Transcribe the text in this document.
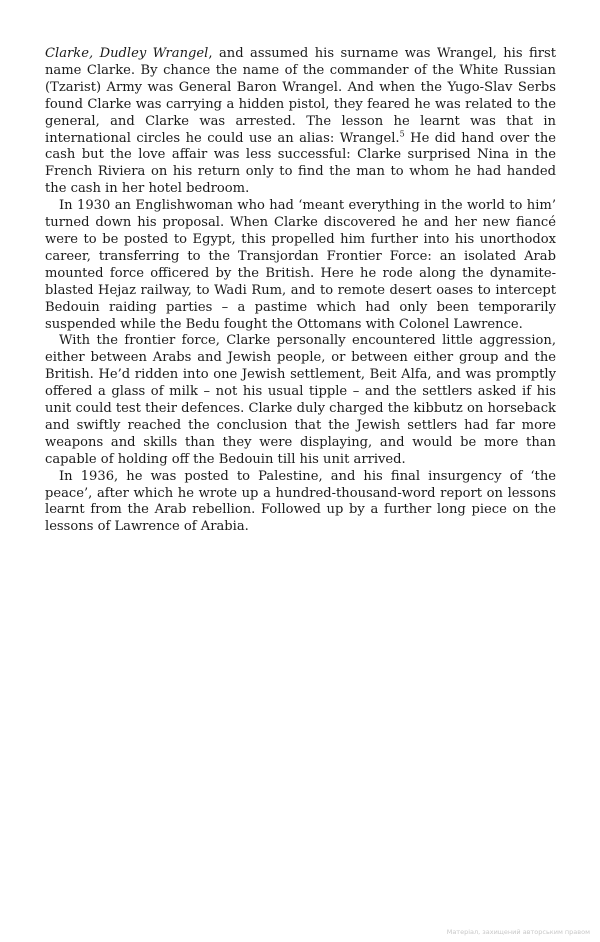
Clarke, Dudley Wrangel, and assumed his surname was Wrangel, his first name Clarke. By chance the name of the commander of the White Russian (Tzarist) Army was General Baron Wrangel. And when the Yugo-Slav Serbs found Clarke was carrying a hidden pistol, they feared he was related to the general, and Clarke was arrested. The lesson he learnt was that in international circles he could use an alias: Wrangel.$^5$ He did hand over the cash but the love affair was less successful: Clarke surprised Nina in the French Riviera on his return only to find the man to whom he had handed the cash in her hotel bedroom.

In 1930 an Englishwoman who had ‘meant everything in the world to him’ turned down his proposal. When Clarke discovered he and her new fiancé were to be posted to Egypt, this propelled him further into his unorthodox career, transferring to the Transjordan Frontier Force: an isolated Arab mounted force officered by the British. Here he rode along the dynamite-blasted Hejaz railway, to Wadi Rum, and to remote desert oases to intercept Bedouin raiding parties – a pastime which had only been temporarily suspended while the Bedu fought the Ottomans with Colonel Lawrence.

With the frontier force, Clarke personally encountered little aggression, either between Arabs and Jewish people, or between either group and the British. He’d ridden into one Jewish settlement, Beit Alfa, and was promptly offered a glass of milk – not his usual tipple – and the settlers asked if his unit could test their defences. Clarke duly charged the kibbutz on horseback and swiftly reached the conclusion that the Jewish settlers had far more weapons and skills than they were displaying, and would be more than capable of holding off the Bedouin till his unit arrived.

In 1936, he was posted to Palestine, and his final insurgency of ‘the peace’, after which he wrote up a hundred-thousand-word report on lessons learnt from the Arab rebellion. Followed up by a further long piece on the lessons of Lawrence of Arabia.

Матеріал, захищений авторським правом
